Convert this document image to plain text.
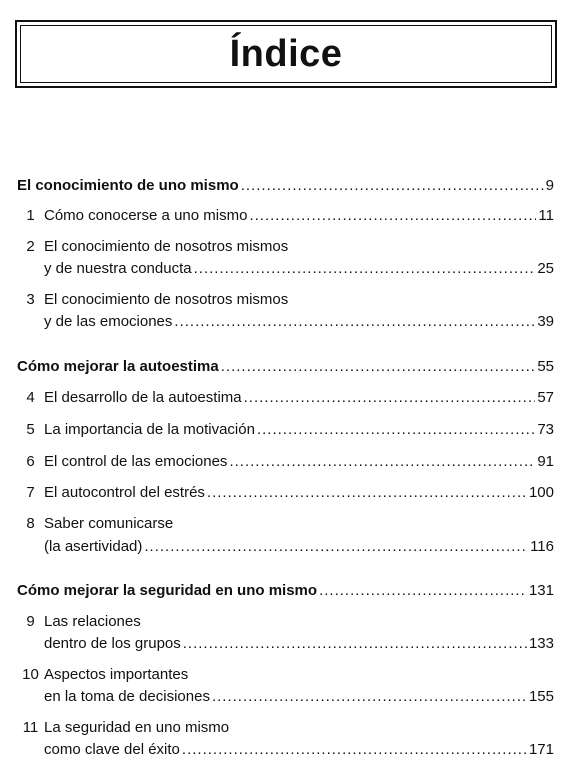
Índice
El conocimiento de uno mismo .....	9
1 Cómo conocerse a uno mismo .....	11
2 El conocimiento de nosotros mismos
y de nuestra conducta .....	25
3 El conocimiento de nosotros mismos
y de las emociones .....	39
Cómo mejorar la autoestima .....	55
4 El desarrollo de la autoestima .....	57
5 La importancia de la motivación .....	73
6 El control de las emociones .....	91
7 El autocontrol del estrés .....	100
8 Saber comunicarse
(la asertividad) .....	116
Cómo mejorar la seguridad en uno mismo .....	131
9 Las relaciones
dentro de los grupos .....	133
10 Aspectos importantes
en la toma de decisiones .....	155
11 La seguridad en uno mismo
como clave del éxito .....	171
